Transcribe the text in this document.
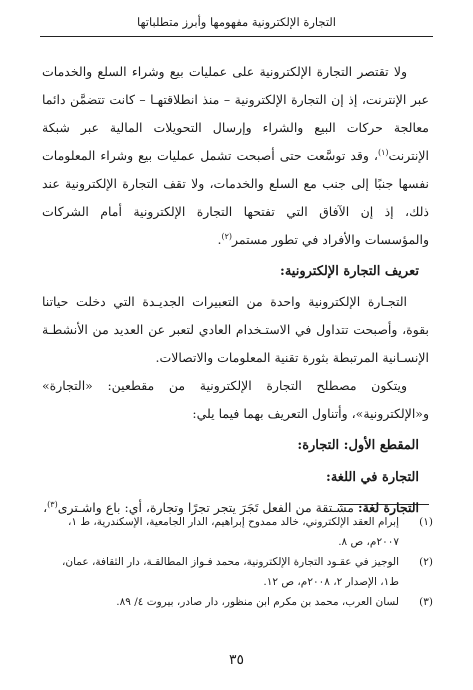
التجارة الإلكترونية مفهومها وأبرز متطلباتها

ولا تقتصر التجارة الإلكترونية على عمليات بيع وشراء السلع والخدمات عبر الإنترنت، إذ إن التجارة الإلكترونية – منذ انطلاقتهـا – كانت تتضمَّن دائما معالجة حركات البيع والشراء وإرسال التحويلات المالية عبر شبكة الإنترنت$^{(١)}$، وقد توسَّعت حتى أصبحت تشمل عمليات بيع وشراء المعلومات نفسها جنبًا إلى جنب مع السلع والخدمات، ولا تقف التجارة الإلكترونية عند ذلك، إذ إن الآفاق التي تفتحها التجارة الإلكترونية أمام الشركات والمؤسسات والأفراد في تطور مستمر$^{(٢)}$.

تعريف التجارة الإلكترونية:

التجـارة الإلكترونية واحدة من التعبيرات الجديـدة التي دخلت حياتنا بقوة، وأصبحت تتداول في الاستـخدام العادي لتعبر عن العديد من الأنشطـة الإنسـانية المرتبطة بثورة تقنية المعلومات والاتصالات.

ويتكون مصطلح التجارة الإلكترونية من مقطعين: «التجارة» و«الإلكترونية»، وأتناول التعريف بهما فيما يلي:

المقطع الأول: التجارة:
التجارة في اللغة:

التجارة لغة: مشـتقة من الفعل تَجَرَ يتجر تجرًا وتجارة، أي: باع واشـترى$^{(٣)}$،

(١)
إبرام العقد الإلكتروني، خالد ممدوح إبراهيم، الدار الجامعية، الإسكندرية، ط ١، ٢٠٠٧م، ص ٨.
(٢)
الوجيز في عقـود التجارة الإلكترونية، محمد فـواز المطالقـة، دار الثقافة، عمان، ط١، الإصدار ٢، ٢٠٠٨م، ص ١٢.
(٣)
لسان العرب، محمد بن مكرم ابن منظور، دار صادر، بيروت ٤/ ٨٩.
٣٥
